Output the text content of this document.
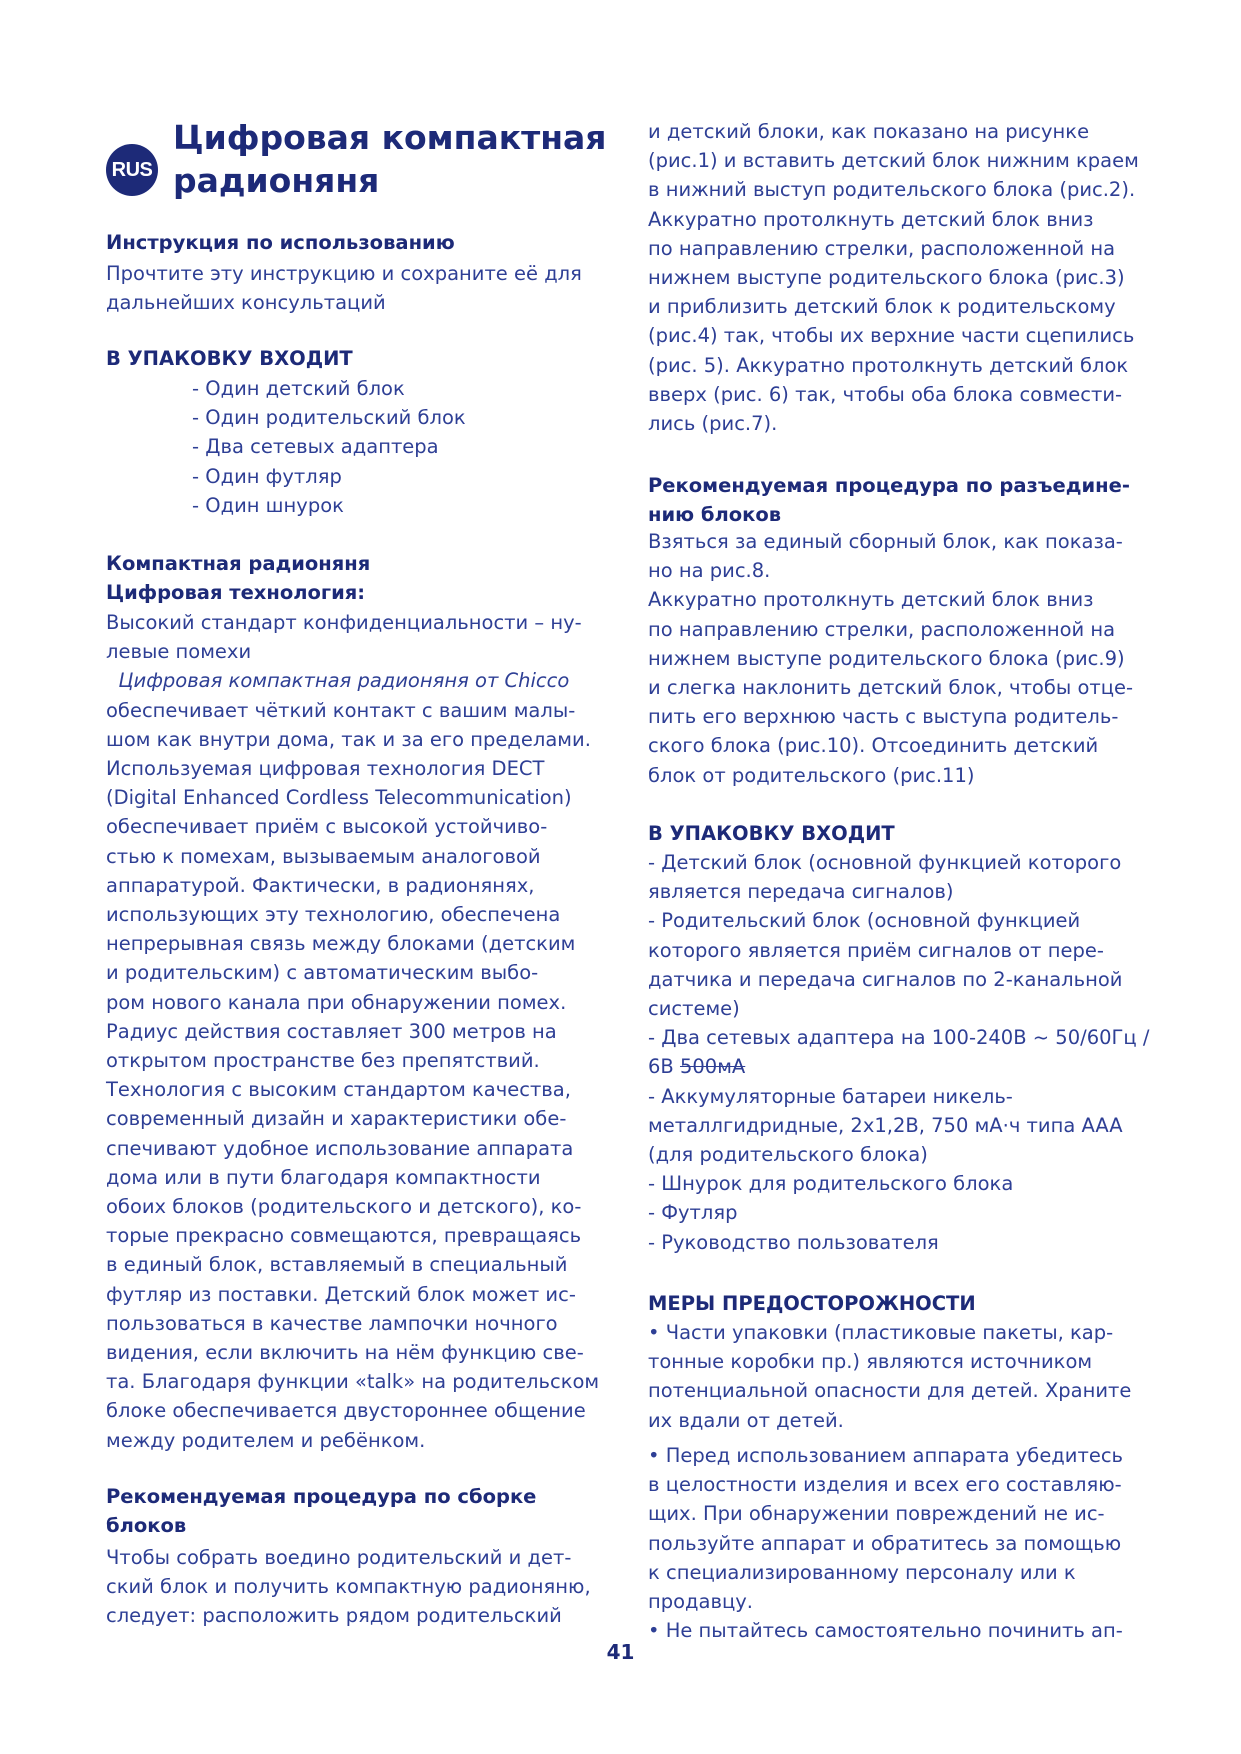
RUS
Цифровая компактная
радионяня
Инструкция по использованию
Прочтите эту инструкцию и сохраните её для
дальнейших консультаций
В УПАКОВКУ ВХОДИТ
- Один детский блок
- Один родительский блок
- Два сетевых адаптера
- Один футляр
- Один шнурок
Компактная радионяня
Цифровая технология:
Высокий стандарт конфиденциальности – ну-
левые помехи
Цифровая компактная радионяня от Chicco
обеспечивает чёткий контакт с вашим малы-
шом как внутри дома, так и за его пределами.
Используемая цифровая технология DECT
(Digital Enhanced Cordless Telecommunication)
обеспечивает приём с высокой устойчиво-
стью к помехам, вызываемым аналоговой
аппаратурой. Фактически, в радионянях,
использующих эту технологию, обеспечена
непрерывная связь между блоками (детским
и родительским) с автоматическим выбо-
ром нового канала при обнаружении помех.
Радиус действия составляет 300 метров на
открытом пространстве без препятствий.
Технология с высоким стандартом качества,
современный дизайн и характеристики обе-
спечивают удобное использование аппарата
дома или в пути благодаря компактности
обоих блоков (родительского и детского), ко-
торые прекрасно совмещаются, превращаясь
в единый блок, вставляемый в специальный
футляр из поставки. Детский блок может ис-
пользоваться в качестве лампочки ночного
видения, если включить на нём функцию све-
та. Благодаря функции «talk» на родительском
блоке обеспечивается двустороннее общение
между родителем и ребёнком.
Рекомендуемая процедура по сборке
блоков
Чтобы собрать воедино родительский и дет-
ский блок и получить компактную радионяню,
следует: расположить рядом родительский
и детский блоки, как показано на рисунке
(рис.1) и вставить детский блок нижним краем
в нижний выступ родительского блока (рис.2).
Аккуратно протолкнуть детский блок вниз
по направлению стрелки, расположенной на
нижнем выступе родительского блока (рис.3)
и приблизить детский блок к родительскому
(рис.4) так, чтобы их верхние части сцепились
(рис. 5). Аккуратно протолкнуть детский блок
вверх (рис. 6) так, чтобы оба блока совмести-
лись (рис.7).
Рекомендуемая процедура по разъедине-
нию блоков
Взяться за единый сборный блок, как показа-
но на рис.8.
Аккуратно протолкнуть детский блок вниз
по направлению стрелки, расположенной на
нижнем выступе родительского блока (рис.9)
и слегка наклонить детский блок, чтобы отце-
пить его верхнюю часть с выступа родитель-
ского блока (рис.10). Отсоединить детский
блок от родительского (рис.11)
В УПАКОВКУ ВХОДИТ
- Детский блок (основной функцией которого
является передача сигналов)
- Родительский блок (основной функцией
которого является приём сигналов от пере-
датчика и передача сигналов по 2-канальной
системе)
- Два сетевых адаптера на 100-240В ~ 50/60Гц /
6В 500мА
- Аккумуляторные батареи никель-
металлгидридные, 2x1,2В, 750 мА·ч типа AAA
(для родительского блока)
- Шнурок для родительского блока
- Футляр
- Руководство пользователя
МЕРЫ ПРЕДОСТОРОЖНОСТИ
• Части упаковки (пластиковые пакеты, кар-
тонные коробки пр.) являются источником
потенциальной опасности для детей. Храните
их вдали от детей.
• Перед использованием аппарата убедитесь
в целостности изделия и всех его составляю-
щих. При обнаружении повреждений не ис-
пользуйте аппарат и обратитесь за помощью
к специализированному персоналу или к
продавцу.
• Не пытайтесь самостоятельно починить ап-
41
